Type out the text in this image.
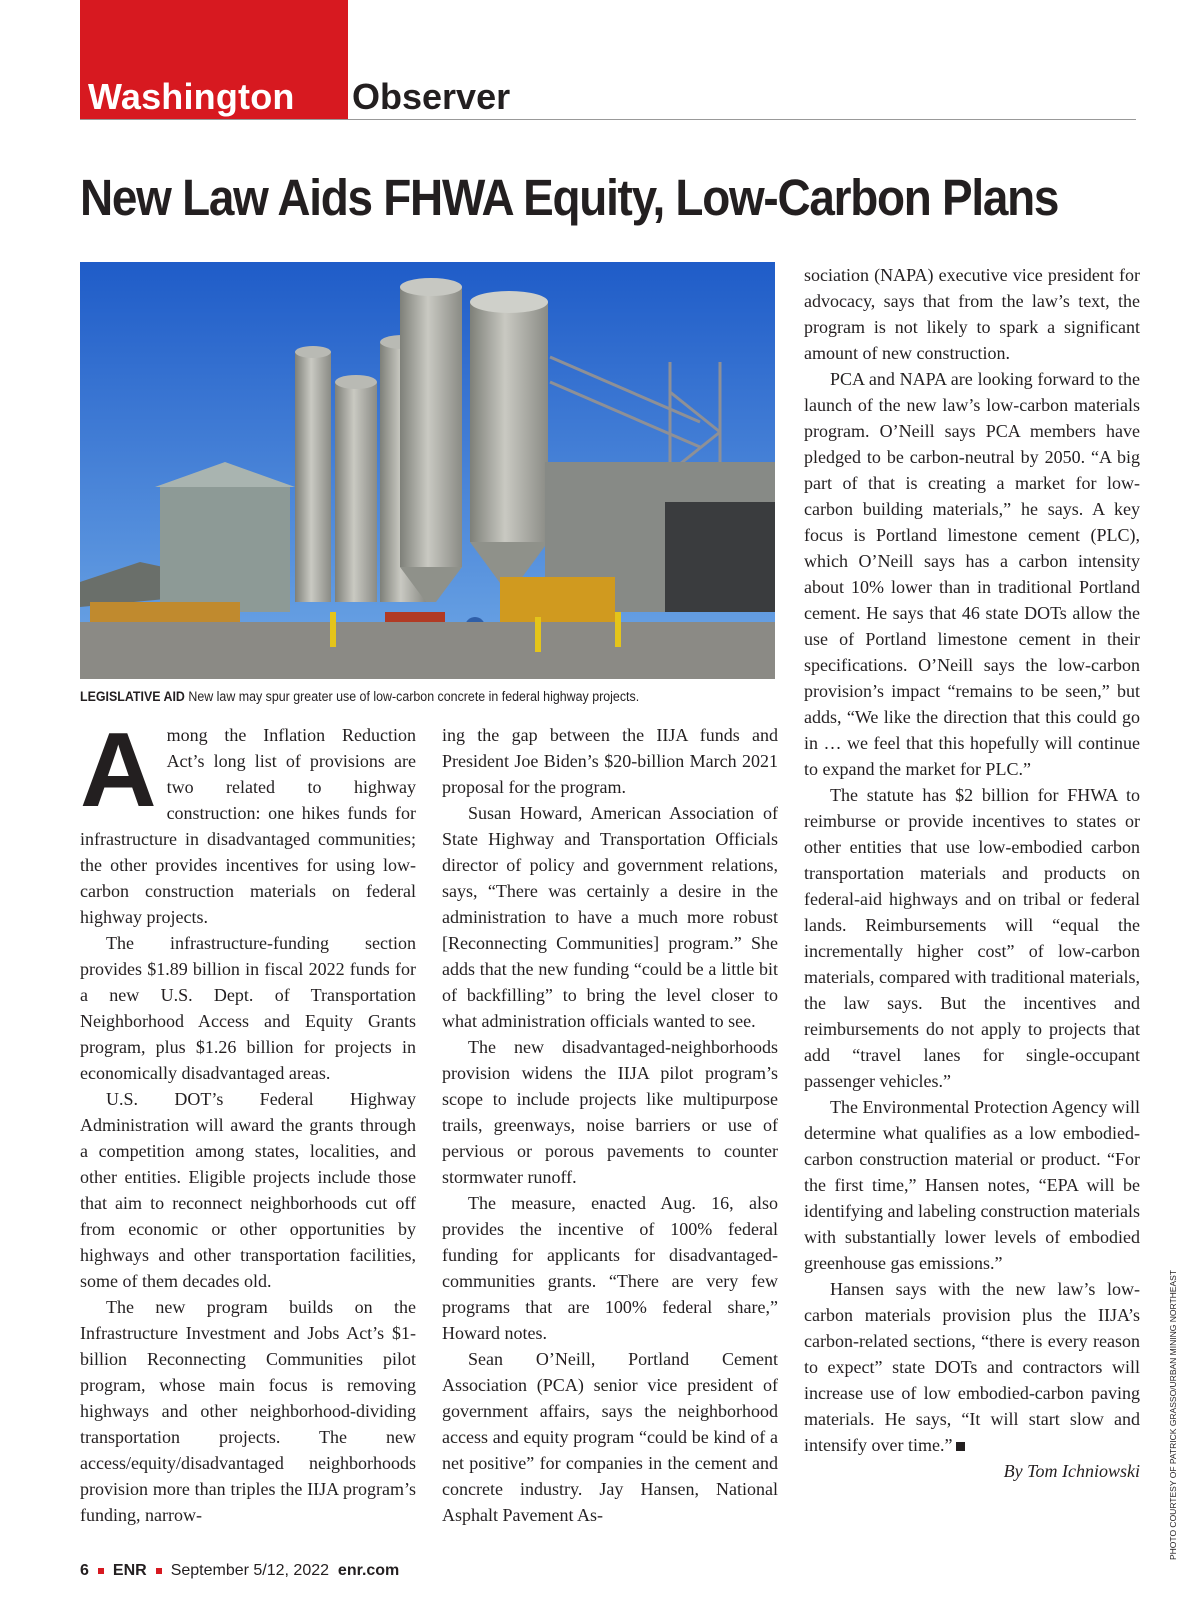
Washington Observer
New Law Aids FHWA Equity, Low-Carbon Plans
LEGISLATIVE AID New law may spur greater use of low-carbon concrete in federal highway projects.
A mong the Inflation Reduction Act’s long list of provisions are two related to highway construction: one hikes funds for infrastructure in disadvantaged communities; the other provides incentives for using low-carbon construction materials on federal highway projects.

The infrastructure-funding section provides $1.89 billion in fiscal 2022 funds for a new U.S. Dept. of Transportation Neighborhood Access and Equity Grants program, plus $1.26 billion for projects in economically disadvantaged areas.

U.S. DOT’s Federal Highway Administration will award the grants through a competition among states, localities, and other entities. Eligible projects include those that aim to reconnect neighborhoods cut off from economic or other opportunities by highways and other transportation facilities, some of them decades old.

The new program builds on the Infrastructure Investment and Jobs Act’s $1-billion Reconnecting Communities pilot program, whose main focus is removing highways and other neighborhood-dividing transportation projects. The new access/equity/disadvantaged neighborhoods provision more than triples the IIJA program’s funding, narrow-

ing the gap between the IIJA funds and President Joe Biden’s $20-billion March 2021 proposal for the program.

Susan Howard, American Association of State Highway and Transportation Officials director of policy and government relations, says, “There was certainly a desire in the administration to have a much more robust [Reconnecting Communities] program.” She adds that the new funding “could be a little bit of backfilling” to bring the level closer to what administration officials wanted to see.

The new disadvantaged-neighborhoods provision widens the IIJA pilot program’s scope to include projects like multipurpose trails, greenways, noise barriers or use of pervious or porous pavements to counter stormwater runoff.

The measure, enacted Aug. 16, also provides the incentive of 100% federal funding for applicants for disadvantaged-communities grants. “There are very few programs that are 100% federal share,” Howard notes.

Sean O’Neill, Portland Cement Association (PCA) senior vice president of government affairs, says the neighborhood access and equity program “could be kind of a net positive” for companies in the cement and concrete industry. Jay Hansen, National Asphalt Pavement As-

sociation (NAPA) executive vice president for advocacy, says that from the law’s text, the program is not likely to spark a significant amount of new construction.

PCA and NAPA are looking forward to the launch of the new law’s low-carbon materials program. O’Neill says PCA members have pledged to be carbon-neutral by 2050. “A big part of that is creating a market for low-carbon building materials,” he says. A key focus is Portland limestone cement (PLC), which O’Neill says has a carbon intensity about 10% lower than in traditional Portland cement. He says that 46 state DOTs allow the use of Portland limestone cement in their specifications. O’Neill says the low-carbon provision’s impact “remains to be seen,” but adds, “We like the direction that this could go in … we feel that this hopefully will continue to expand the market for PLC.”

The statute has $2 billion for FHWA to reimburse or provide incentives to states or other entities that use low-embodied carbon transportation materials and products on federal-aid highways and on tribal or federal lands. Reimbursements will “equal the incrementally higher cost” of low-carbon materials, compared with traditional materials, the law says. But the incentives and reimbursements do not apply to projects that add “travel lanes for single-occupant passenger vehicles.”

The Environmental Protection Agency will determine what qualifies as a low embodied-carbon construction material or product. “For the first time,” Hansen notes, “EPA will be identifying and labeling construction materials with substantially lower levels of embodied greenhouse gas emissions.”

Hansen says with the new law’s low-carbon materials provision plus the IIJA’s carbon-related sections, “there is every reason to expect” state DOTs and contractors will increase use of low embodied-carbon paving materials. He says, “It will start slow and intensify over time.”

By Tom Ichniowski	PHOTO COURTESY OF PATRICK GRASSO/URBAN MINING NORTHEAST
6 ENR September 5/12, 2022 enr.com
